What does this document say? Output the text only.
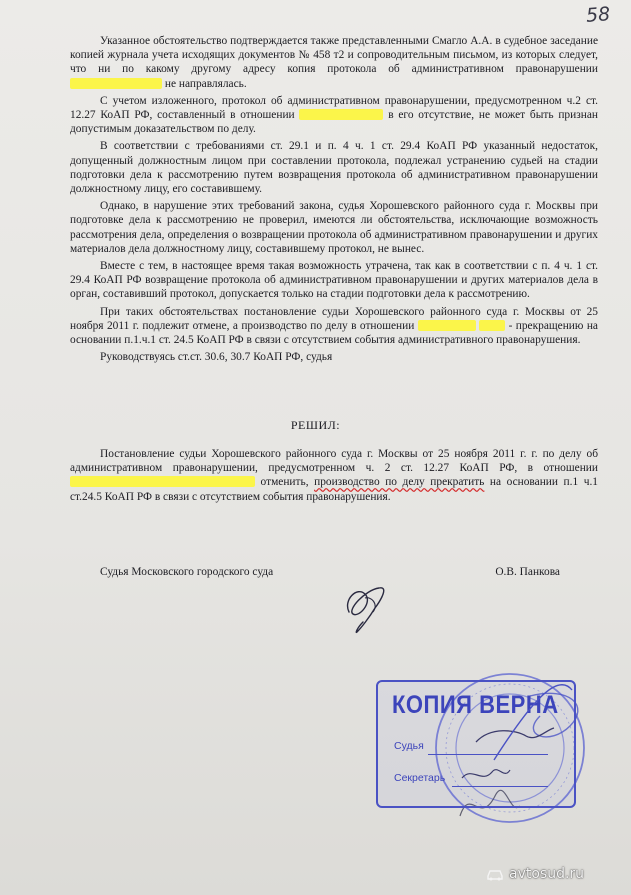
58

Указанное обстоятельство подтверждается также представленными Смагло А.А. в судебное заседание копией журнала учета исходящих документов № 458 т2 и сопроводительным письмом, из которых следует, что ни по какому другому адресу копия протокола об административном правонарушении  не направлялась.

С учетом изложенного, протокол об административном правонарушении, предусмотренном ч.2 ст. 12.27 КоАП РФ, составленный в отношении	в его отсутствие, не может быть признан допустимым доказательством по делу.

В соответствии с требованиями ст. 29.1 и п. 4 ч. 1 ст. 29.4 КоАП РФ указанный недостаток, допущенный должностным лицом при составлении протокола, подлежал устранению судьей на стадии подготовки дела к рассмотрению путем возвращения протокола об административном правонарушении должностному лицу, его составившему.

Однако, в нарушение этих требований закона, судья Хорошевского районного суда г. Москвы при подготовке дела к рассмотрению не проверил, имеются ли обстоятельства, исключающие возможность рассмотрения дела, определения о возвращении протокола об административном правонарушении и других материалов дела должностному лицу, составившему протокол, не вынес.

Вместе с тем, в настоящее время такая возможность утрачена, так как в соответствии с п. 4 ч. 1 ст. 29.4 КоАП РФ возвращение протокола об административном правонарушении и других материалов дела в орган, составивший протокол, допускается только на стадии подготовки дела к рассмотрению.

При таких обстоятельствах постановление судьи Хорошевского районного суда г. Москвы от 25 ноября 2011 г. подлежит отмене, а производство по делу в отношении	- прекращению на основании п.1.ч.1 ст. 24.5 КоАП РФ в связи с отсутствием события административного правонарушения.

Руководствуясь ст.ст. 30.6, 30.7 КоАП РФ, судья

РЕШИЛ:

Постановление судьи Хорошевского районного суда г. Москвы от 25 ноября 2011 г. г. по делу об административном правонарушении, предусмотренном ч. 2 ст. 12.27 КоАП РФ, в отношении  отменить, производство по делу прекратить на основании п.1 ч.1 ст.24.5 КоАП РФ в связи с отсутствием события правонарушения.

Судья Московского городского суда	О.В. Панкова
КОПИЯ ВЕРНА
Судья
Секретарь
avtosud.ru
